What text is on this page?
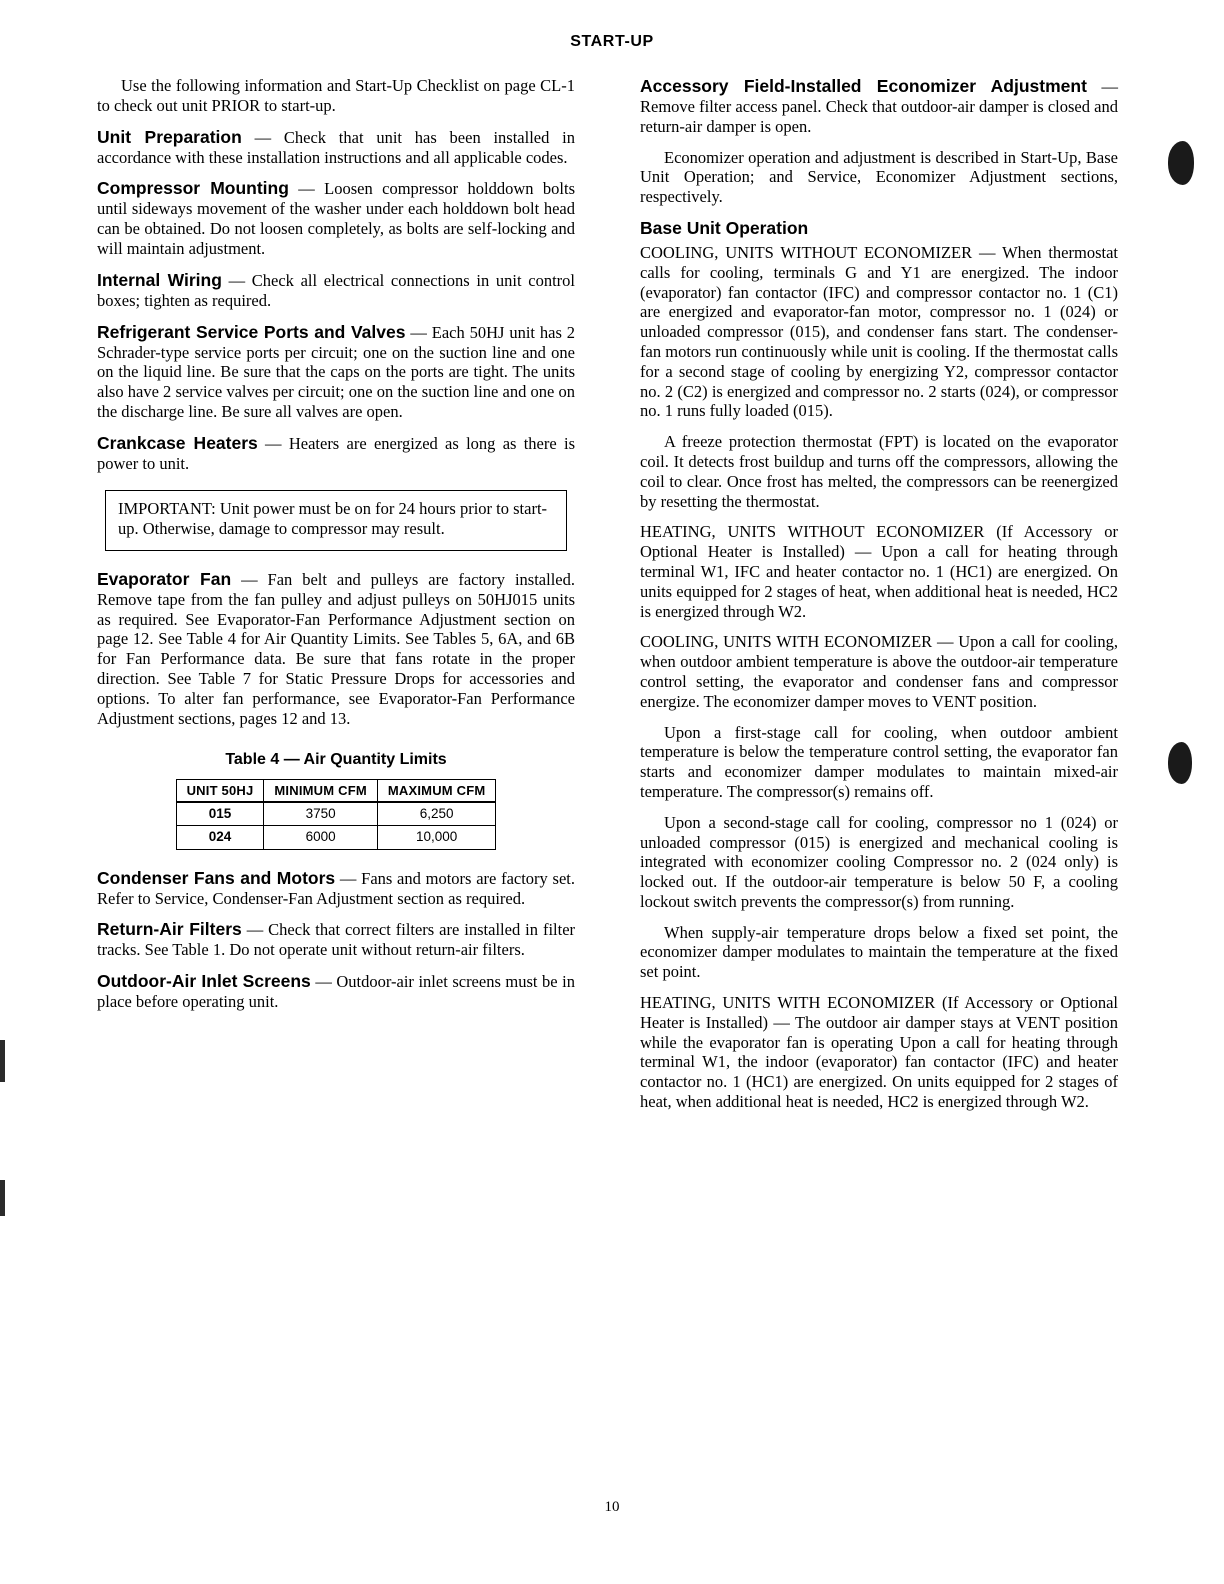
START-UP

Use the following information and Start-Up Checklist on page CL-1 to check out unit PRIOR to start-up.

Unit Preparation — Check that unit has been installed in accordance with these installation instructions and all applicable codes.

Compressor Mounting — Loosen compressor holddown bolts until sideways movement of the washer under each holddown bolt head can be obtained. Do not loosen completely, as bolts are self-locking and will maintain adjustment.

Internal Wiring — Check all electrical connections in unit control boxes; tighten as required.

Refrigerant Service Ports and Valves — Each 50HJ unit has 2 Schrader-type service ports per circuit; one on the suction line and one on the liquid line. Be sure that the caps on the ports are tight. The units also have 2 service valves per circuit; one on the suction line and one on the discharge line. Be sure all valves are open.

Crankcase Heaters — Heaters are energized as long as there is power to unit.

IMPORTANT: Unit power must be on for 24 hours prior to start-up. Otherwise, damage to compressor may result.

Evaporator Fan — Fan belt and pulleys are factory installed. Remove tape from the fan pulley and adjust pulleys on 50HJ015 units as required. See Evaporator-Fan Performance Adjustment section on page 12. See Table 4 for Air Quantity Limits. See Tables 5, 6A, and 6B for Fan Performance data. Be sure that fans rotate in the proper direction. See Table 7 for Static Pressure Drops for accessories and options. To alter fan performance, see Evaporator-Fan Performance Adjustment sections, pages 12 and 13.

Table 4 — Air Quantity Limits
UNIT 50HJ	MINIMUM CFM	MAXIMUM CFM
015	3750	6,250
024	6000	10,000

Condenser Fans and Motors — Fans and motors are factory set. Refer to Service, Condenser-Fan Adjustment section as required.

Return-Air Filters — Check that correct filters are installed in filter tracks. See Table 1. Do not operate unit without return-air filters.

Outdoor-Air Inlet Screens — Outdoor-air inlet screens must be in place before operating unit.

Accessory Field-Installed Economizer Adjustment — Remove filter access panel. Check that outdoor-air damper is closed and return-air damper is open.

Economizer operation and adjustment is described in Start-Up, Base Unit Operation; and Service, Economizer Adjustment sections, respectively.

Base Unit Operation

COOLING, UNITS WITHOUT ECONOMIZER — When thermostat calls for cooling, terminals G and Y1 are energized. The indoor (evaporator) fan contactor (IFC) and compressor contactor no. 1 (C1) are energized and evaporator-fan motor, compressor no. 1 (024) or unloaded compressor (015), and condenser fans start. The condenser-fan motors run continuously while unit is cooling. If the thermostat calls for a second stage of cooling by energizing Y2, compressor contactor no. 2 (C2) is energized and compressor no. 2 starts (024), or compressor no. 1 runs fully loaded (015).

A freeze protection thermostat (FPT) is located on the evaporator coil. It detects frost buildup and turns off the compressors, allowing the coil to clear. Once frost has melted, the compressors can be reenergized by resetting the thermostat.

HEATING, UNITS WITHOUT ECONOMIZER (If Accessory or Optional Heater is Installed) — Upon a call for heating through terminal W1, IFC and heater contactor no. 1 (HC1) are energized. On units equipped for 2 stages of heat, when additional heat is needed, HC2 is energized through W2.

COOLING, UNITS WITH ECONOMIZER — Upon a call for cooling, when outdoor ambient temperature is above the outdoor-air temperature control setting, the evaporator and condenser fans and compressor energize. The economizer damper moves to VENT position.

Upon a first-stage call for cooling, when outdoor ambient temperature is below the temperature control setting, the evaporator fan starts and economizer damper modulates to maintain mixed-air temperature. The compressor(s) remains off.

Upon a second-stage call for cooling, compressor no 1 (024) or unloaded compressor (015) is energized and mechanical cooling is integrated with economizer cooling Compressor no. 2 (024 only) is locked out. If the outdoor-air temperature is below 50 F, a cooling lockout switch prevents the compressor(s) from running.

When supply-air temperature drops below a fixed set point, the economizer damper modulates to maintain the temperature at the fixed set point.

HEATING, UNITS WITH ECONOMIZER (If Accessory or Optional Heater is Installed) — The outdoor air damper stays at VENT position while the evaporator fan is operating Upon a call for heating through terminal W1, the indoor (evaporator) fan contactor (IFC) and heater contactor no. 1 (HC1) are energized. On units equipped for 2 stages of heat, when additional heat is needed, HC2 is energized through W2.

10
